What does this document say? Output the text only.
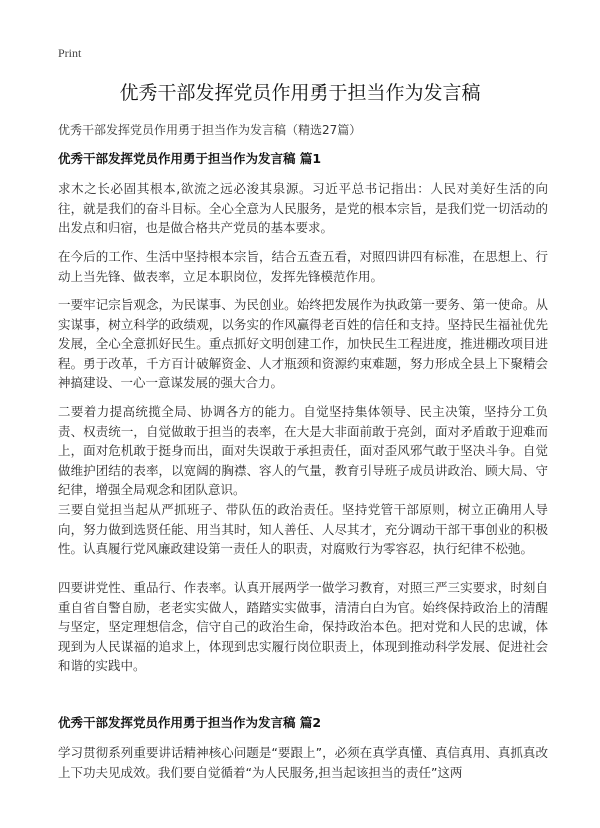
Print
优秀干部发挥党员作用勇于担当作为发言稿
优秀干部发挥党员作用勇于担当作为发言稿（精选27篇）
优秀干部发挥党员作用勇于担当作为发言稿 篇1

求木之长必固其根本,欲流之远必浚其泉源。习近平总书记指出：人民对美好生活的向往，就是我们的奋斗目标。全心全意为人民服务，是党的根本宗旨，是我们党一切活动的出发点和归宿，也是做合格共产党员的基本要求。

在今后的工作、生活中坚持根本宗旨，结合五查五看，对照四讲四有标准，在思想上、行动上当先锋、做表率，立足本职岗位，发挥先锋模范作用。

一要牢记宗旨观念，为民谋事、为民创业。始终把发展作为执政第一要务、第一使命。从实谋事，树立科学的政绩观，以务实的作风赢得老百姓的信任和支持。坚持民生福祉优先发展，全心全意抓好民生。重点抓好文明创建工作，加快民生工程进度，推进棚改项目进程。勇于改革，千方百计破解资金、人才瓶颈和资源约束难题，努力形成全县上下聚精会神搞建设、一心一意谋发展的强大合力。

二要着力提高统揽全局、协调各方的能力。自觉坚持集体领导、民主决策，坚持分工负责、权责统一，自觉做敢于担当的表率，在大是大非面前敢于亮剑，面对矛盾敢于迎难而上，面对危机敢于挺身而出，面对失误敢于承担责任，面对歪风邪气敢于坚决斗争。自觉做维护团结的表率，以宽阔的胸襟、容人的气量，教育引导班子成员讲政治、顾大局、守纪律，增强全局观念和团队意识。

三要自觉担当起从严抓班子、带队伍的政治责任。坚持党管干部原则，树立正确用人导向，努力做到选贤任能、用当其时，知人善任、人尽其才，充分调动干部干事创业的积极性。认真履行党风廉政建设第一责任人的职责，对腐败行为零容忍，执行纪律不松弛。

四要讲党性、重品行、作表率。认真开展两学一做学习教育，对照三严三实要求，时刻自重自省自警自励，老老实实做人，踏踏实实做事，清清白白为官。始终保持政治上的清醒与坚定，坚定理想信念，信守自己的政治生命，保持政治本色。把对党和人民的忠诚，体现到为人民谋福的追求上，体现到忠实履行岗位职责上，体现到推动科学发展、促进社会和谐的实践中。

优秀干部发挥党员作用勇于担当作为发言稿 篇2

学习贯彻系列重要讲话精神核心问题是“要跟上”，必须在真学真懂、真信真用、真抓真改上下功夫见成效。我们要自觉循着“为人民服务,担当起该担当的责任”这两
